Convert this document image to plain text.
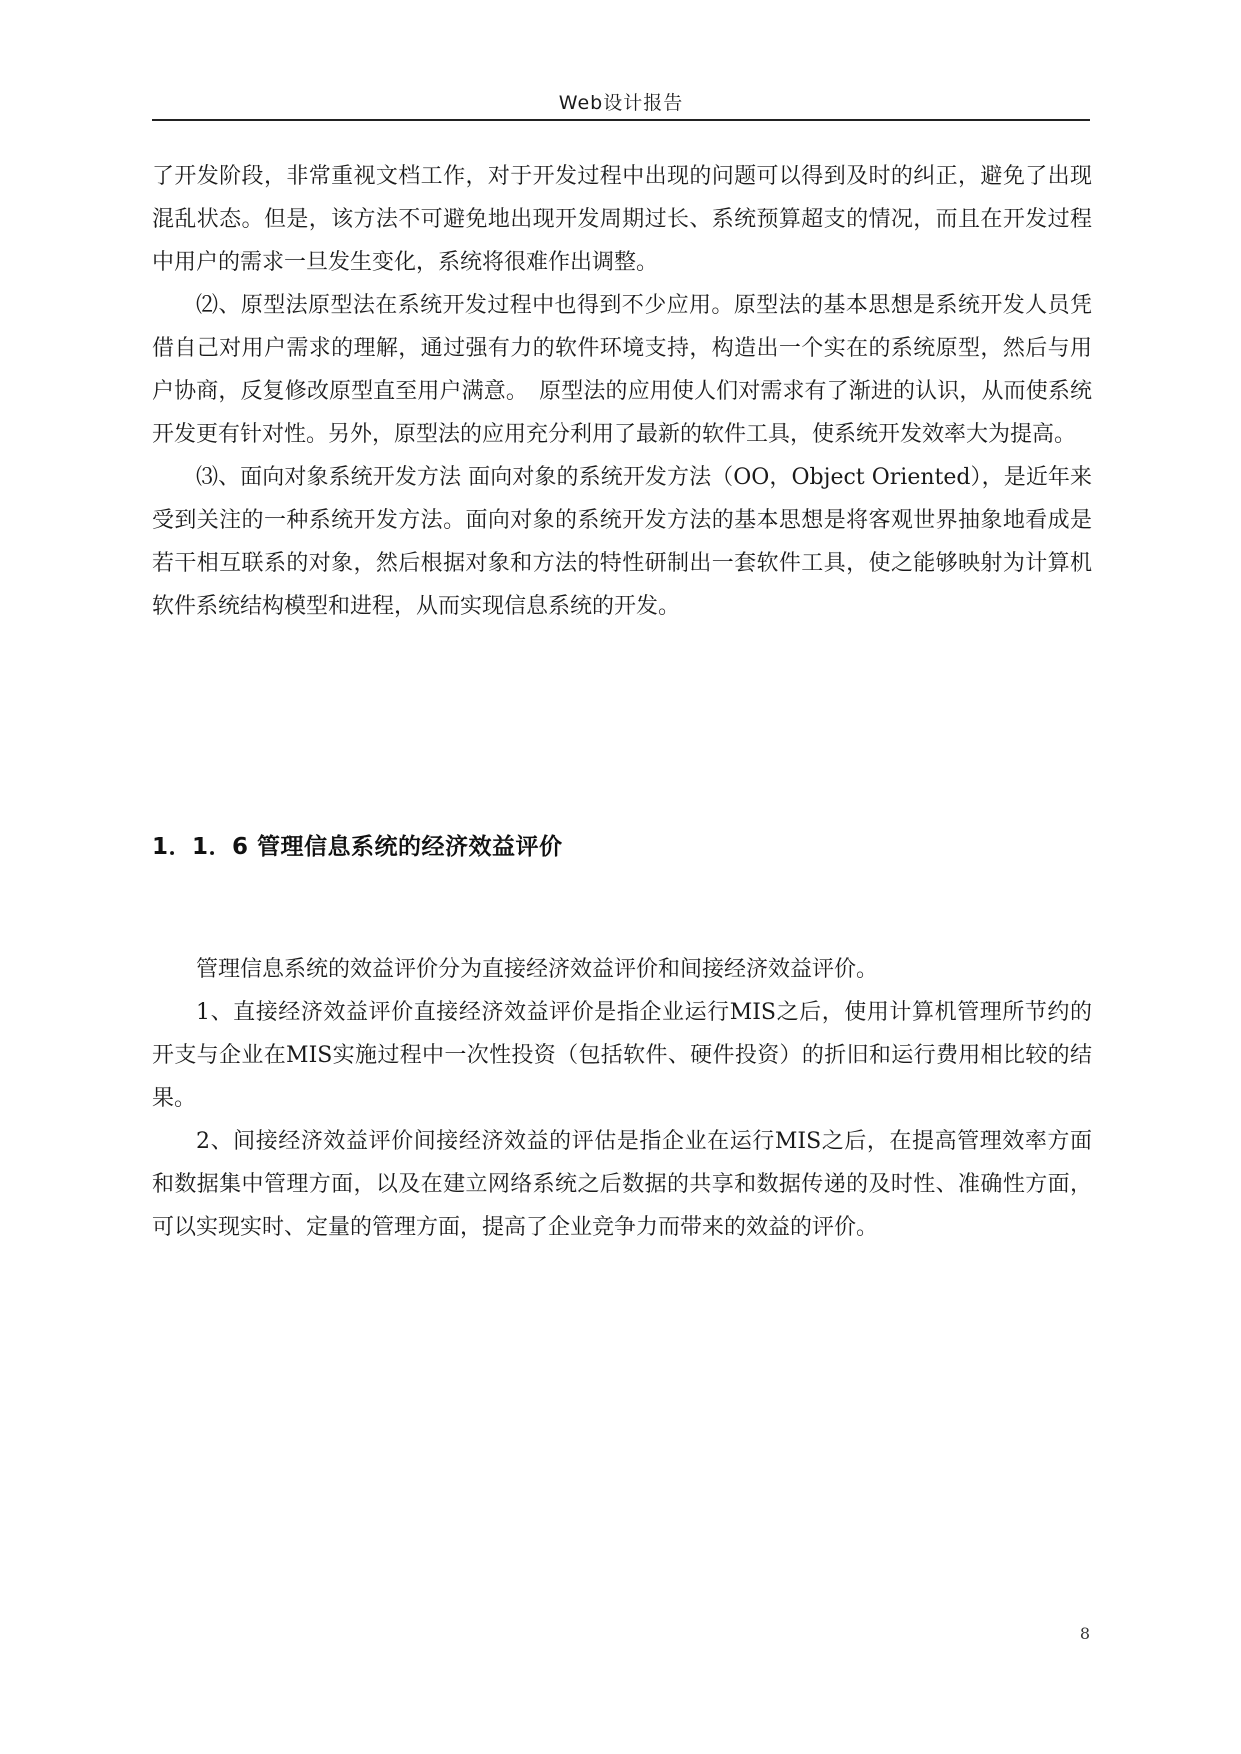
Web设计报告

了开发阶段，非常重视文档工作，对于开发过程中出现的问题可以得到及时的纠正，避免了出现混乱状态。但是，该方法不可避免地出现开发周期过长、系统预算超支的情况，而且在开发过程中用户的需求一旦发生变化，系统将很难作出调整。

⑵、原型法原型法在系统开发过程中也得到不少应用。原型法的基本思想是系统开发人员凭借自己对用户需求的理解，通过强有力的软件环境支持，构造出一个实在的系统原型，然后与用户协商，反复修改原型直至用户满意。　原型法的应用使人们对需求有了渐进的认识，从而使系统开发更有针对性。另外，原型法的应用充分利用了最新的软件工具，使系统开发效率大为提高。

⑶、面向对象系统开发方法 面向对象的系统开发方法（OO，Object Oriented），是近年来受到关注的一种系统开发方法。面向对象的系统开发方法的基本思想是将客观世界抽象地看成是若干相互联系的对象，然后根据对象和方法的特性研制出一套软件工具，使之能够映射为计算机软件系统结构模型和进程，从而实现信息系统的开发。

1．1．6 管理信息系统的经济效益评价

管理信息系统的效益评价分为直接经济效益评价和间接经济效益评价。

1、直接经济效益评价直接经济效益评价是指企业运行MIS之后，使用计算机管理所节约的开支与企业在MIS实施过程中一次性投资（包括软件、硬件投资）的折旧和运行费用相比较的结果。

2、间接经济效益评价间接经济效益的评估是指企业在运行MIS之后，在提高管理效率方面和数据集中管理方面，以及在建立网络系统之后数据的共享和数据传递的及时性、准确性方面，可以实现实时、定量的管理方面，提高了企业竞争力而带来的效益的评价。

8
